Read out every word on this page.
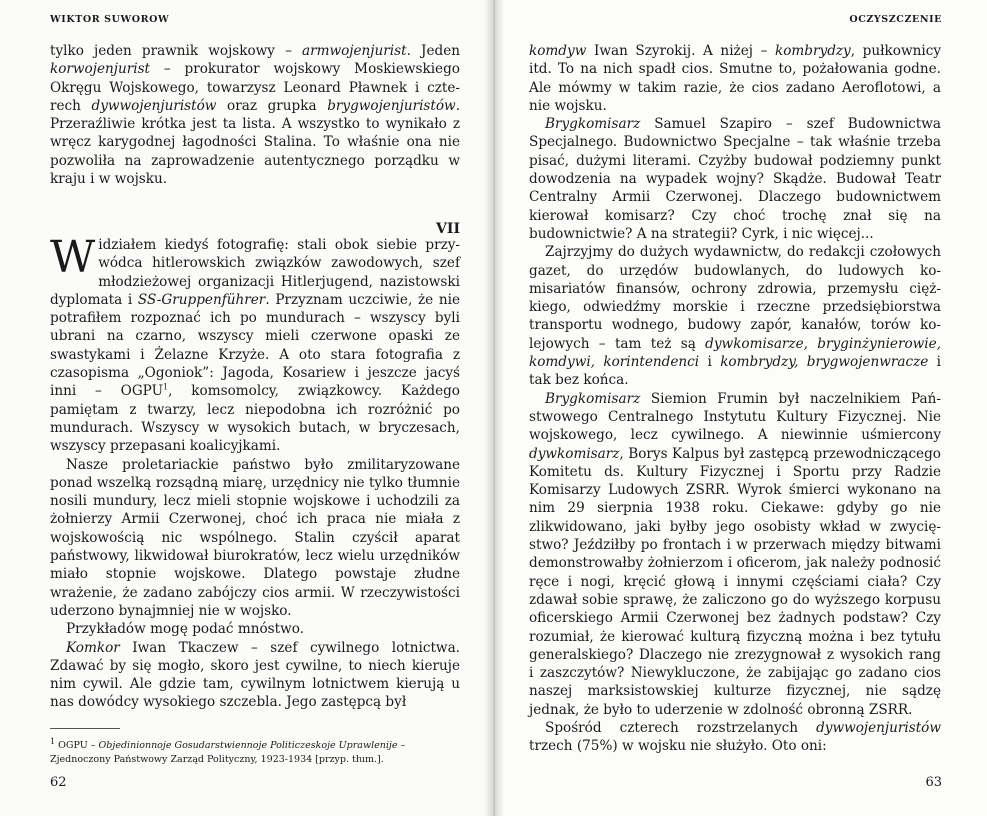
WIKTOR SUWOROW

tylko jeden prawnik wojskowy – armwojenjurist. Jeden korwojenjurist – prokurator wojskowy Moskiewskiego Okręgu Wojskowego, towarzysz Leonard Pławnek i czterech dywwojenjuristów oraz grupka brygwojenjuristów. Przeraźliwie krótka jest ta lista. A wszystko to wynikało z wręcz karygodnej łagodności Stalina. To właśnie ona nie pozwoliła na zaprowadzenie autentycznego porządku w kraju i w wojsku.

VII

Widziałem kiedyś fotografię: stali obok siebie przywódca hitlerowskich związków zawodowych, szef młodzieżowej organizacji Hitlerjugend, nazistowski dyplomata i SS-Gruppenführer. Przyznam uczciwie, że nie potrafiłem rozpoznać ich po mundurach – wszyscy byli ubrani na czarno, wszyscy mieli czerwone opaski ze swastykami i Żelazne Krzyże. A oto stara fotografia z czasopisma „Ogoniok”: Jagoda, Kosariew i jeszcze jacyś inni – OGPU$^1$, komsomolcy, związkowcy. Każdego pamiętam z twarzy, lecz niepodobna ich rozróżnić po mundurach. Wszyscy w wysokich butach, w bryczesach, wszyscy przepasani koalicyjkami.

Nasze proletariackie państwo było zmilitaryzowane ponad wszelką rozsądną miarę, urzędnicy nie tylko tłumnie nosili mundury, lecz mieli stopnie wojskowe i uchodzili za żołnierzy Armii Czerwonej, choć ich praca nie miała z wojskowością nic wspólnego. Stalin czyścił aparat państwowy, likwidował biurokratów, lecz wielu urzędników miało stopnie wojskowe. Dlatego powstaje złudne wrażenie, że zadano zabójczy cios armii. W rzeczywistości uderzono bynajmniej nie w wojsko.

Przykładów mogę podać mnóstwo.

Komkor Iwan Tkaczew – szef cywilnego lotnictwa. Zdawać by się mogło, skoro jest cywilne, to niech kieruje nim cywil. Ale gdzie tam, cywilnym lotnictwem kierują u nas dowódcy wysokiego szczebla. Jego zastępcą był

$^1$ OGPU – Objedinionnoje Gosudarstwiennoje Politiczeskoje Uprawlenije – Zjednoczony Państwowy Zarząd Polityczny, 1923-1934 [przyp. tłum.].
62
OCZYSZCZENIE

komdyw Iwan Szyrokij. A niżej – kombrydzy, pułkownicy itd. To na nich spadł cios. Smutne to, pożałowania godne. Ale mówmy w takim razie, że cios zadano Aeroflotowi, a nie wojsku.

Brygkomisarz Samuel Szapiro – szef Budownictwa Specjalnego. Budownictwo Specjalne – tak właśnie trzeba pisać, dużymi literami. Czyżby budował podziemny punkt dowodzenia na wypadek wojny? Skądże. Budował Teatr Centralny Armii Czerwonej. Dlaczego budownictwem kierował komisarz? Czy choć trochę znał się na budownictwie? A na strategii? Cyrk, i nic więcej...

Zajrzyjmy do dużych wydawnictw, do redakcji czołowych gazet, do urzędów budowlanych, do ludowych komisariatów finansów, ochrony zdrowia, przemysłu ciężkiego, odwiedźmy morskie i rzeczne przedsiębiorstwa transportu wodnego, budowy zapór, kanałów, torów kolejowych – tam też są dywkomisarze, bryginżynierowie, komdywi, korintendenci i kombrydzy, brygwojenwracze i tak bez końca.

Brygkomisarz Siemion Frumin był naczelnikiem Państwowego Centralnego Instytutu Kultury Fizycznej. Nie wojskowego, lecz cywilnego. A niewinnie uśmiercony dywkomisarz, Borys Kalpus był zastępcą przewodniczącego Komitetu ds. Kultury Fizycznej i Sportu przy Radzie Komisarzy Ludowych ZSRR. Wyrok śmierci wykonano na nim 29 sierpnia 1938 roku. Ciekawe: gdyby go nie zlikwidowano, jaki byłby jego osobisty wkład w zwycięstwo? Jeździłby po frontach i w przerwach między bitwami demonstrowałby żołnierzom i oficerom, jak należy podnosić ręce i nogi, kręcić głową i innymi częściami ciała? Czy zdawał sobie sprawę, że zaliczono go do wyższego korpusu oficerskiego Armii Czerwonej bez żadnych podstaw? Czy rozumiał, że kierować kulturą fizyczną można i bez tytułu generalskiego? Dlaczego nie zrezygnował z wysokich rang i zaszczytów? Niewykluczone, że zabijając go zadano cios naszej marksistowskiej kulturze fizycznej, nie sądzę jednak, że było to uderzenie w zdolność obronną ZSRR.

Spośród czterech rozstrzelanych dywwojenjuristów trzech (75%) w wojsku nie służyło. Oto oni:

63
